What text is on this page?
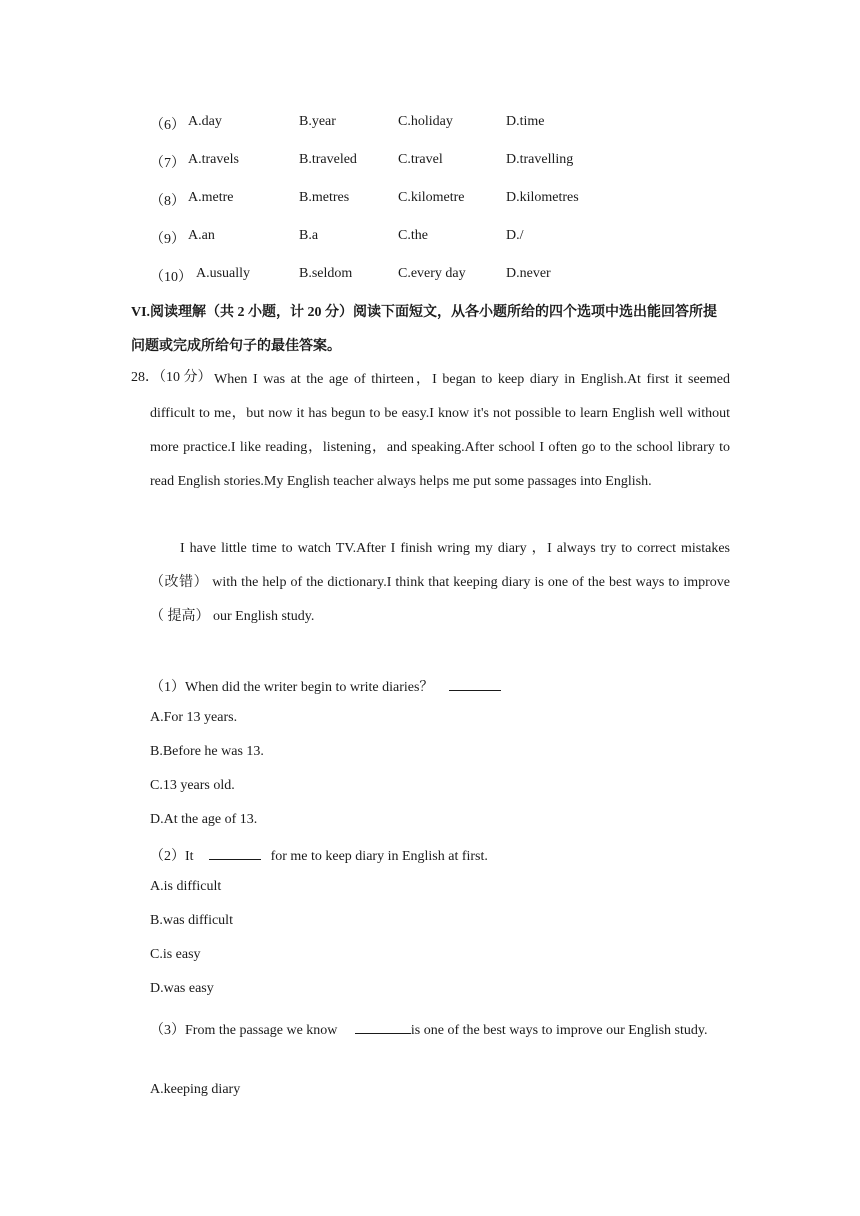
（6） A.day	B.year	C.holiday	D.time
（7） A.travels	B.traveled	C.travel	D.travelling
（8） A.metre	B.metres	C.kilometre	D.kilometres
（9） A.an	B.a	C.the	D./
（10） A.usually	B.seldom	C.every day	D.never
VI.阅读理解（共 2 小题，计 20 分）阅读下面短文，从各小题所给的四个选项中选出能回答所提问题或完成所给句子的最佳答案。
28．（10 分） When I was at the age of thirteen，I began to keep diary in English.At first it seemed difficult to me，but now it has begun to be easy.I know it's not possible to learn English well without more practice.I like reading，listening，and speaking.After school I often go to the school library to read English stories.My English teacher always helps me put some passages into English.

I have little time to watch TV.After I finish wring my diary ，I always try to correct mistakes（改错） with the help of the dictionary.I think that keeping diary is one of the best ways to improve（ 提高） our English study.

（1）When did the writer begin to write diaries？
A.For 13 years.
B.Before he was 13.
C.13 years old.
D.At the age of 13.
（2）It	for me to keep diary in English at first.
A.is difficult
B.was difficult
C.is easy
D.was easy
（3）From the passage we know	is one of the best ways to improve our English study.
A.keeping diary
